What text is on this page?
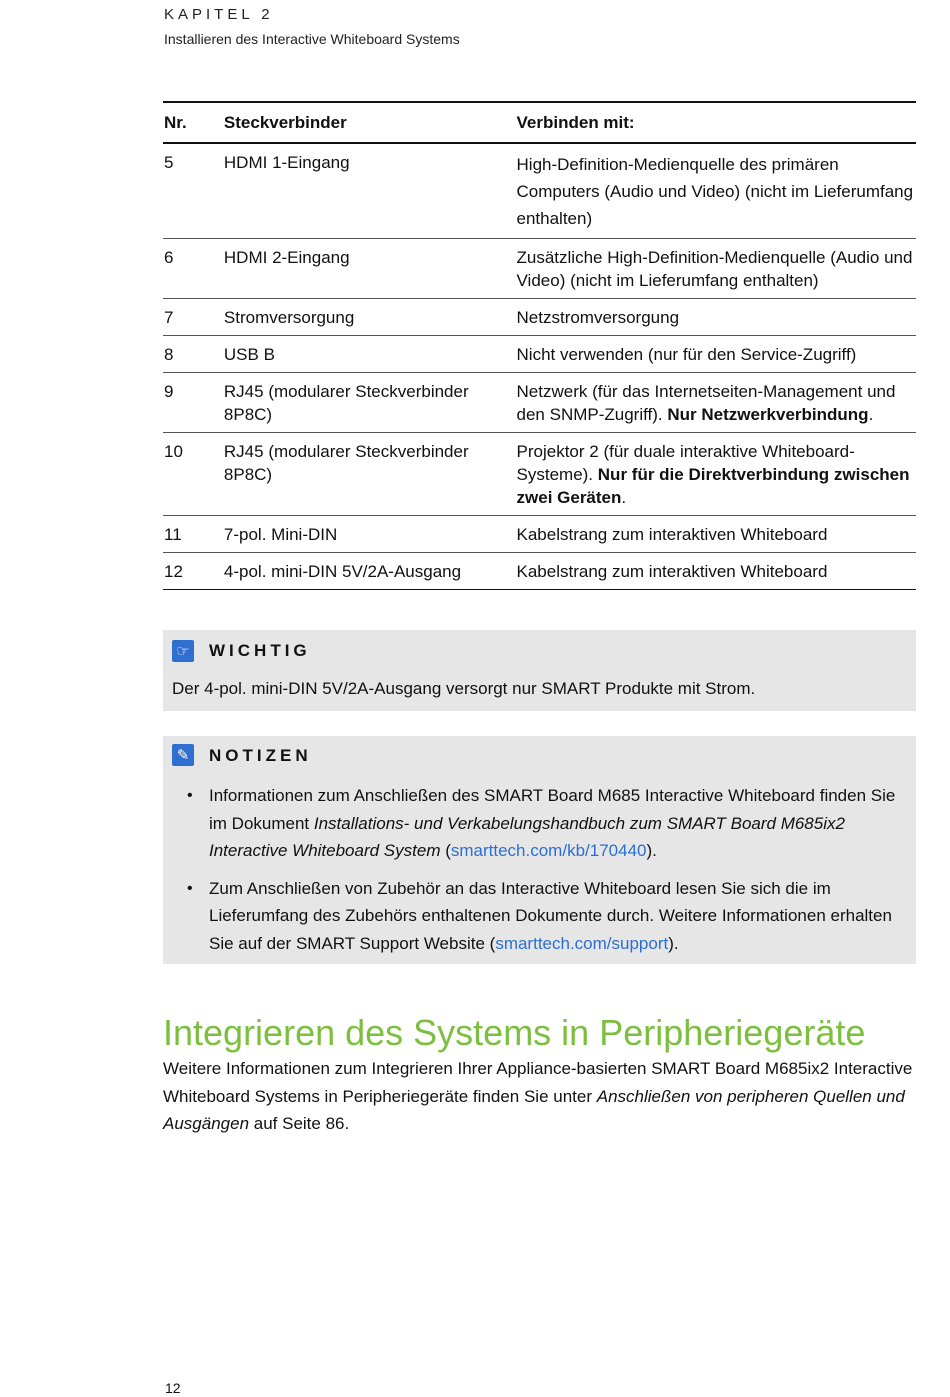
KAPITEL 2
Installieren des Interactive Whiteboard Systems
Nr.	Steckverbinder	Verbinden mit:
5	HDMI 1-Eingang	High-Definition-Medienquelle des primären Computers (Audio und Video) (nicht im Lieferumfang enthalten)
6	HDMI 2-Eingang	Zusätzliche High-Definition-Medienquelle (Audio und Video) (nicht im Lieferumfang enthalten)
7	Stromversorgung	Netzstromversorgung
8	USB B	Nicht verwenden (nur für den Service-Zugriff)
9	RJ45 (modularer Steckverbinder 8P8C)	Netzwerk (für das Internetseiten-Management und den SNMP-Zugriff). Nur Netzwerkverbindung.
10	RJ45 (modularer Steckverbinder 8P8C)	Projektor 2 (für duale interaktive Whiteboard-Systeme). Nur für die Direktverbindung zwischen zwei Geräten.
11	7-pol. Mini-DIN	Kabelstrang zum interaktiven Whiteboard
12	4-pol. mini-DIN 5V/2A-Ausgang	Kabelstrang zum interaktiven Whiteboard
☞ WICHTIG
Der 4-pol. mini-DIN 5V/2A-Ausgang versorgt nur SMART Produkte mit Strom.
✎ NOTIZEN
• Informationen zum Anschließen des SMART Board M685 Interactive Whiteboard finden Sie im Dokument Installations- und Verkabelungshandbuch zum SMART Board M685ix2 Interactive Whiteboard System (smarttech.com/kb/170440).
• Zum Anschließen von Zubehör an das Interactive Whiteboard lesen Sie sich die im Lieferumfang des Zubehörs enthaltenen Dokumente durch. Weitere Informationen erhalten Sie auf der SMART Support Website (smarttech.com/support).
Integrieren des Systems in Peripheriegeräte
Weitere Informationen zum Integrieren Ihrer Appliance-basierten SMART Board M685ix2 Interactive Whiteboard Systems in Peripheriegeräte finden Sie unter Anschließen von peripheren Quellen und Ausgängen auf Seite 86.
12
